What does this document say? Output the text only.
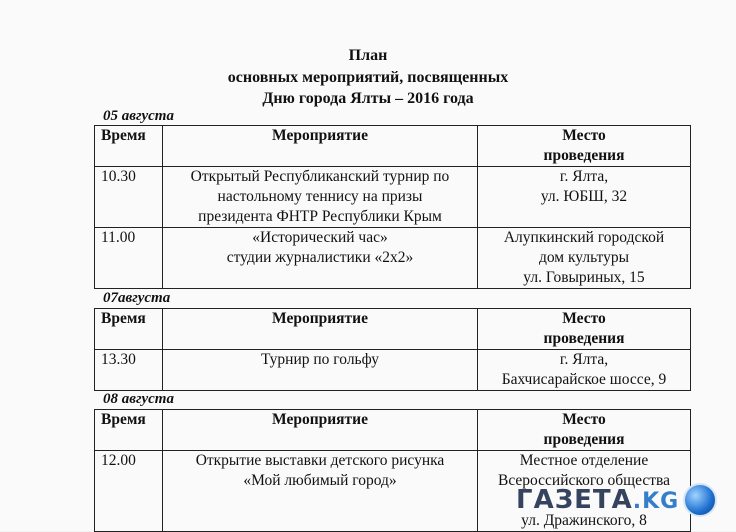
План
основных мероприятий, посвященных
Дню города Ялты – 2016 года
05 августа
Время	Мероприятие	Место
проведения

10.30	Открытый Республиканский турнир по
настольному теннису на призы
президента ФНТР Республики Крым	г. Ялта,
ул. ЮБШ, 32

11.00	«Исторический час»
студии журналистики «2х2»	Алупкинский городской
дом культуры
ул. Говыриных, 15
07августа
Время	Мероприятие	Место
проведения

13.30	Турнир по гольфу	г. Ялта,
Бахчисарайское шоссе, 9
08 августа
Время	Мероприятие	Место
проведения

12.00	Открытие выставки детского рисунка
«Мой любимый город»	Местное отделение
Всероссийского общества

ул. Дражинского, 8
ГАЗЕТА.KG
